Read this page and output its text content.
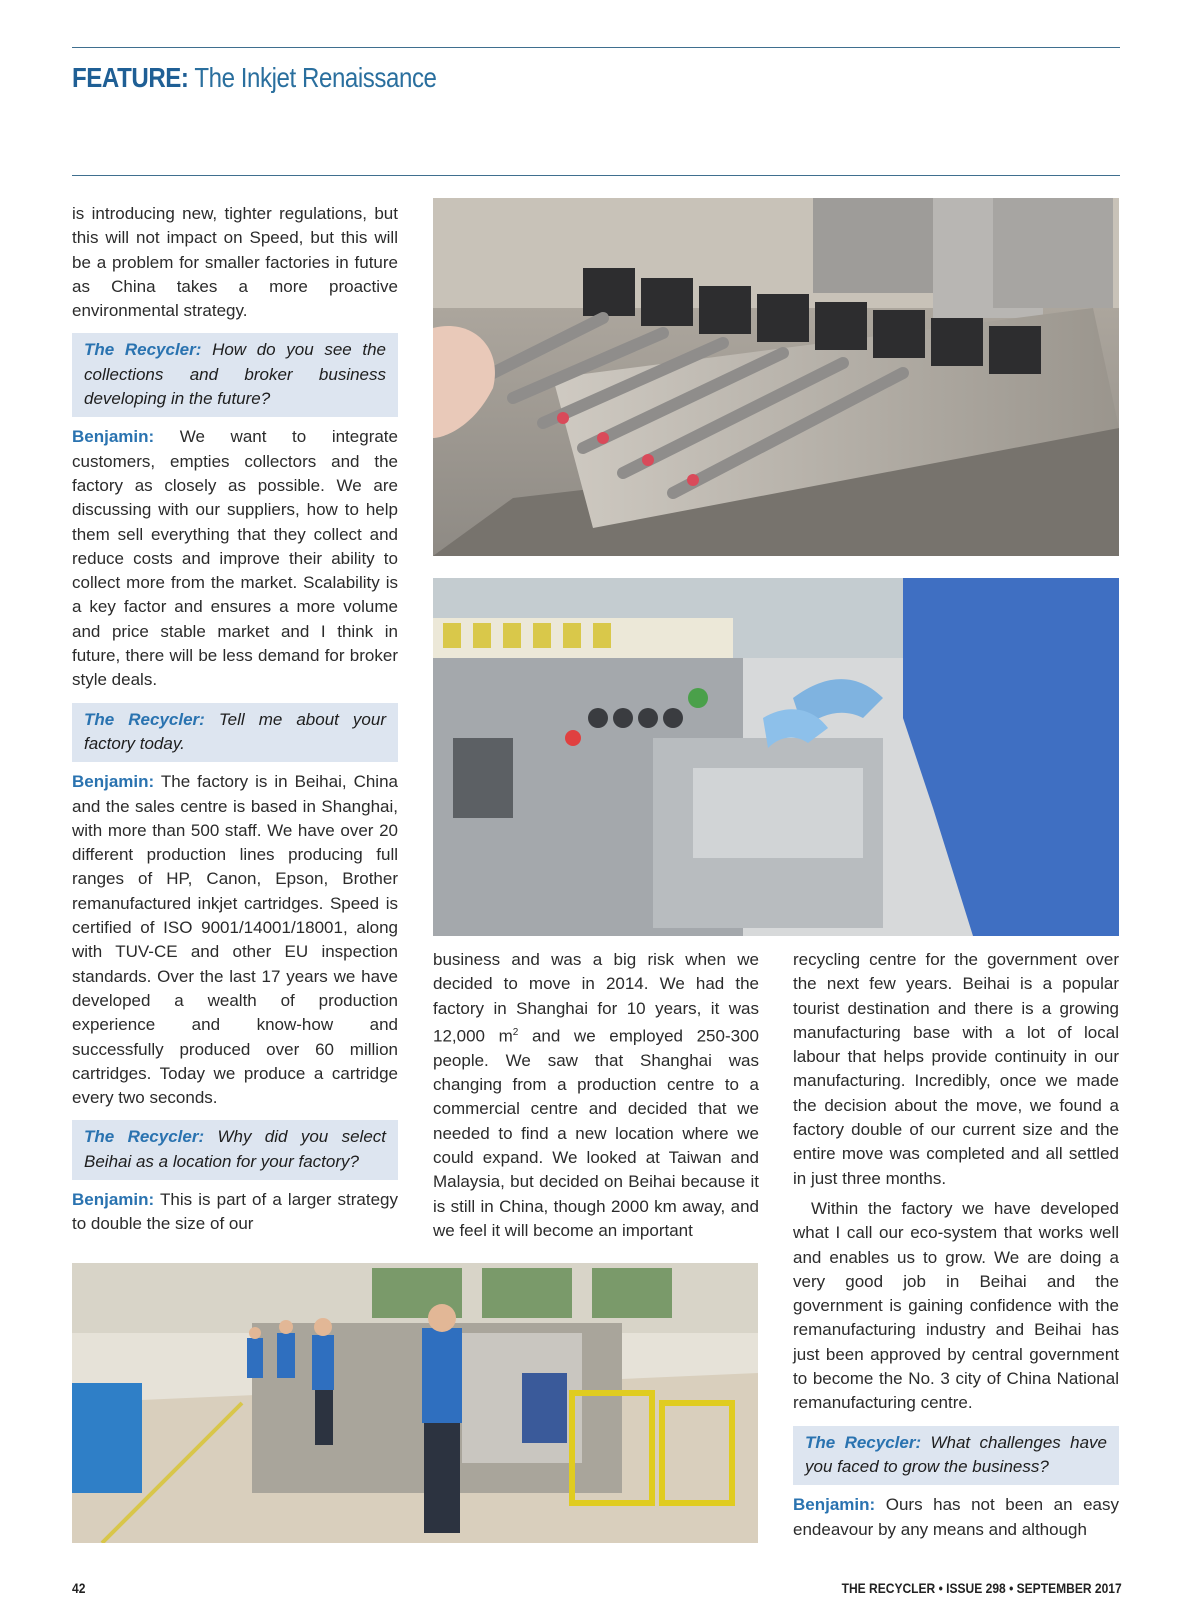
FEATURE: The Inkjet Renaissance

is introducing new, tighter regulations, but this will not impact on Speed, but this will be a problem for smaller factories in future as China takes a more proactive environmental strategy.

The Recycler: How do you see the collections and broker business developing in the future?

Benjamin: We want to integrate customers, empties collectors and the factory as closely as possible. We are discussing with our suppliers, how to help them sell everything that they collect and reduce costs and improve their ability to collect more from the market. Scalability is a key factor and ensures a more volume and price stable market and I think in future, there will be less demand for broker style deals.

The Recycler: Tell me about your factory today.

Benjamin: The factory is in Beihai, China and the sales centre is based in Shanghai, with more than 500 staff. We have over 20 different production lines producing full ranges of HP, Canon, Epson, Brother remanufactured inkjet cartridges. Speed is certified of ISO 9001/14001/18001, along with TUV-CE and other EU inspection standards. Over the last 17 years we have developed a wealth of production experience and know-how and successfully produced over 60 million cartridges. Today we produce a cartridge every two seconds.

The Recycler: Why did you select Beihai as a location for your factory?

Benjamin: This is part of a larger strategy to double the size of our

business and was a big risk when we decided to move in 2014. We had the factory in Shanghai for 10 years, it was 12,000 $m^2$ and we employed 250-300 people. We saw that Shanghai was changing from a production centre to a commercial centre and decided that we needed to find a new location where we could expand. We looked at Taiwan and Malaysia, but decided on Beihai because it is still in China, though 2000 km away, and we feel it will become an important

recycling centre for the government over the next few years. Beihai is a popular tourist destination and there is a growing manufacturing base with a lot of local labour that helps provide continuity in our manufacturing. Incredibly, once we made the decision about the move, we found a factory double of our current size and the entire move was completed and all settled in just three months.

Within the factory we have developed what I call our eco-system that works well and enables us to grow. We are doing a very good job in Beihai and the government is gaining confidence with the remanufacturing industry and Beihai has just been approved by central government to become the No. 3 city of China National remanufacturing centre.

The Recycler: What challenges have you faced to grow the business?

Benjamin: Ours has not been an easy endeavour by any means and although

42	THE RECYCLER • ISSUE 298 • SEPTEMBER 2017
